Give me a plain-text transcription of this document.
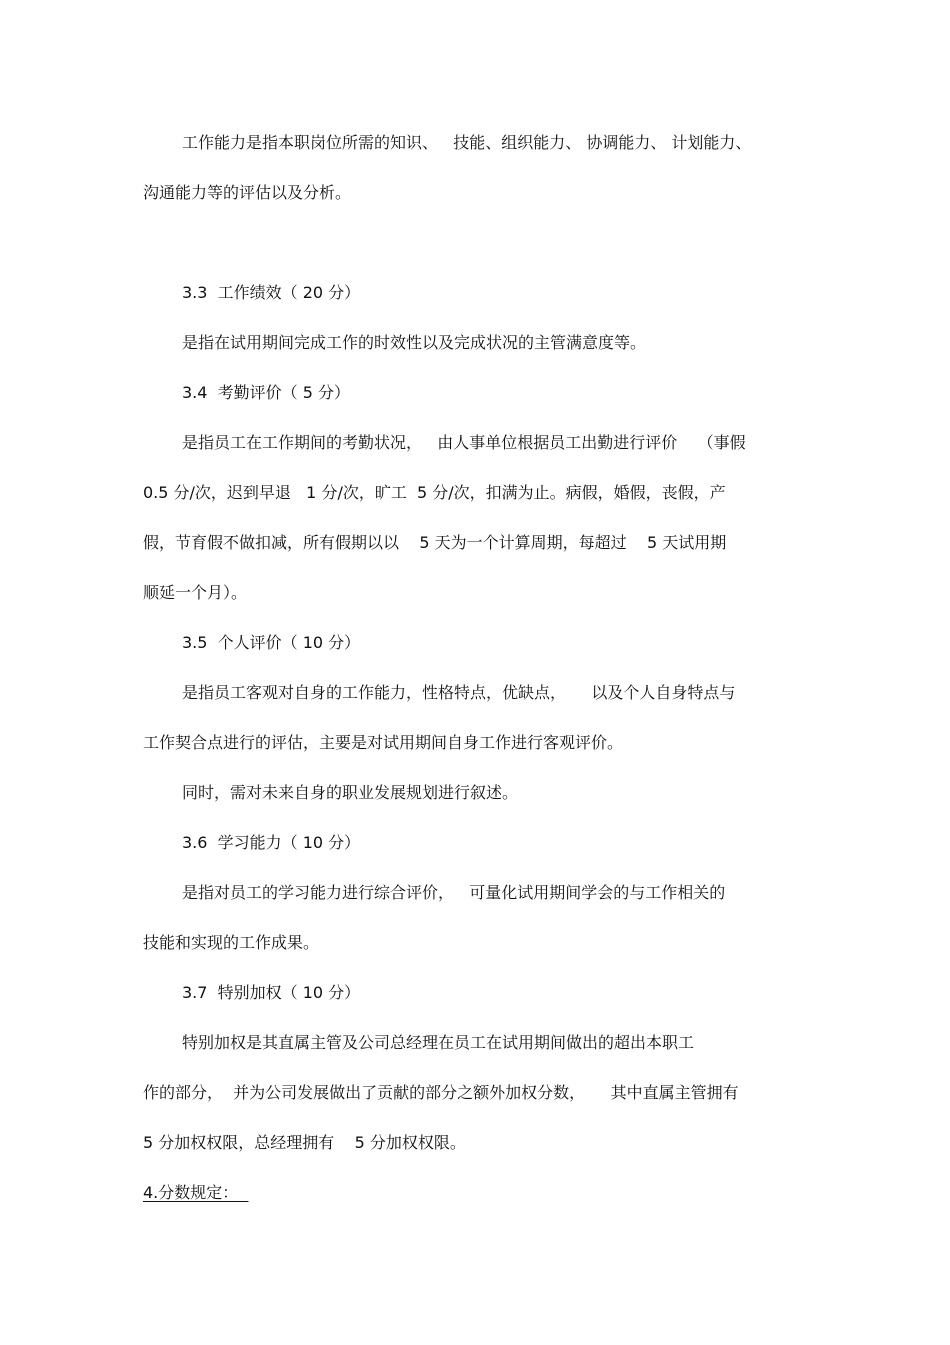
工作能力是指本职岗位所需的知识、   技能、组织能力、 协调能力、 计划能力、

沟通能力等的评估以及分析。

3.3  工作绩效（ 20 分）

是指在试用期间完成工作的时效性以及完成状况的主管满意度等。

3.4  考勤评价（ 5 分）

是指员工在工作期间的考勤状况，   由人事单位根据员工出勤进行评价    （事假

0.5 分/次，迟到早退   1 分/次，旷工  5 分/次，扣满为止。病假，婚假，丧假，产

假，节育假不做扣减，所有假期以以    5 天为一个计算周期，每超过    5 天试用期

顺延一个月）。

3.5  个人评价（ 10 分）

是指员工客观对自身的工作能力，性格特点，优缺点，     以及个人自身特点与

工作契合点进行的评估，主要是对试用期间自身工作进行客观评价。

同时，需对未来自身的职业发展规划进行叙述。

3.6  学习能力（ 10 分）

是指对员工的学习能力进行综合评价，   可量化试用期间学会的与工作相关的

技能和实现的工作成果。

3.7  特别加权（ 10 分）

特别加权是其直属主管及公司总经理在员工在试用期间做出的超出本职工

作的部分，  并为公司发展做出了贡献的部分之额外加权分数，     其中直属主管拥有

5 分加权权限，总经理拥有    5 分加权权限。

4.分数规定：
